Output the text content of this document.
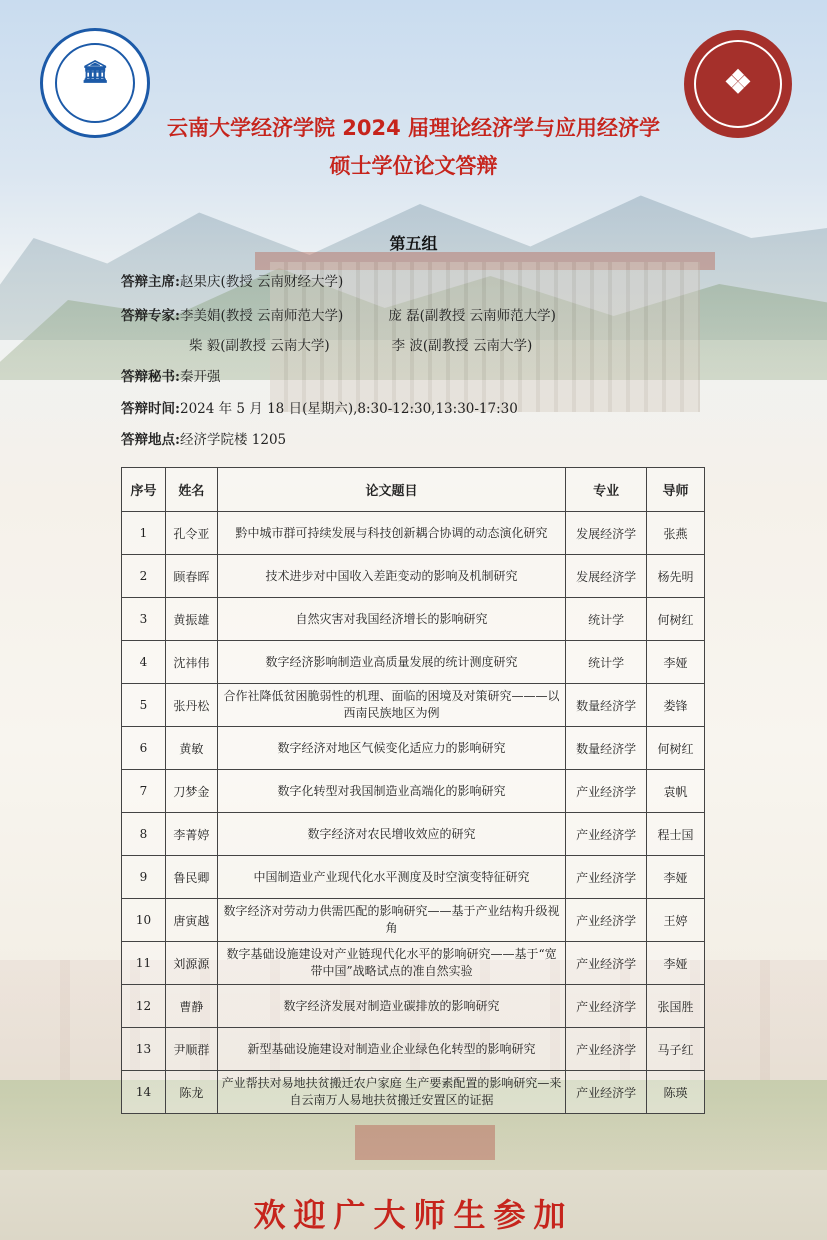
🏛	❖
云南大学经济学院 2024 届理论经济学与应用经济学
硕士学位论文答辩
第五组
答辩主席:赵果庆(教授 云南财经大学)
答辩专家:李美娟(教授 云南师范大学)	庞 磊(副教授 云南师范大学)
柴 毅(副教授 云南大学)	李 波(副教授 云南大学)
答辩秘书:秦开强
答辩时间:2024 年 5 月 18 日(星期六),8:30-12:30,13:30-17:30
答辩地点:经济学院楼 1205
序号	姓名	论文题目	专业	导师
1	孔令亚	黔中城市群可持续发展与科技创新耦合协调的动态演化研究	发展经济学	张燕
2	顾春晖	技术进步对中国收入差距变动的影响及机制研究	发展经济学	杨先明
3	黄振雄	自然灾害对我国经济增长的影响研究	统计学	何树红
4	沈祎伟	数字经济影响制造业高质量发展的统计测度研究	统计学	李娅
5	张丹松	合作社降低贫困脆弱性的机理、面临的困境及对策研究———以西南民族地区为例	数量经济学	娄锋
6	黄敏	数字经济对地区气候变化适应力的影响研究	数量经济学	何树红
7	刀梦金	数字化转型对我国制造业高端化的影响研究	产业经济学	袁帆
8	李菁婷	数字经济对农民增收效应的研究	产业经济学	程士国
9	鲁民卿	中国制造业产业现代化水平测度及时空演变特征研究	产业经济学	李娅
10	唐寅越	数字经济对劳动力供需匹配的影响研究——基于产业结构升级视角	产业经济学	王婷
11	刘源源	数字基础设施建设对产业链现代化水平的影响研究——基于“宽带中国”战略试点的准自然实验	产业经济学	李娅
12	曹静	数字经济发展对制造业碳排放的影响研究	产业经济学	张国胜
13	尹顺群	新型基础设施建设对制造业企业绿色化转型的影响研究	产业经济学	马子红
14	陈龙	产业帮扶对易地扶贫搬迁农户家庭 生产要素配置的影响研究—来自云南万人易地扶贫搬迁安置区的证据	产业经济学	陈瑛
欢迎广大师生参加
